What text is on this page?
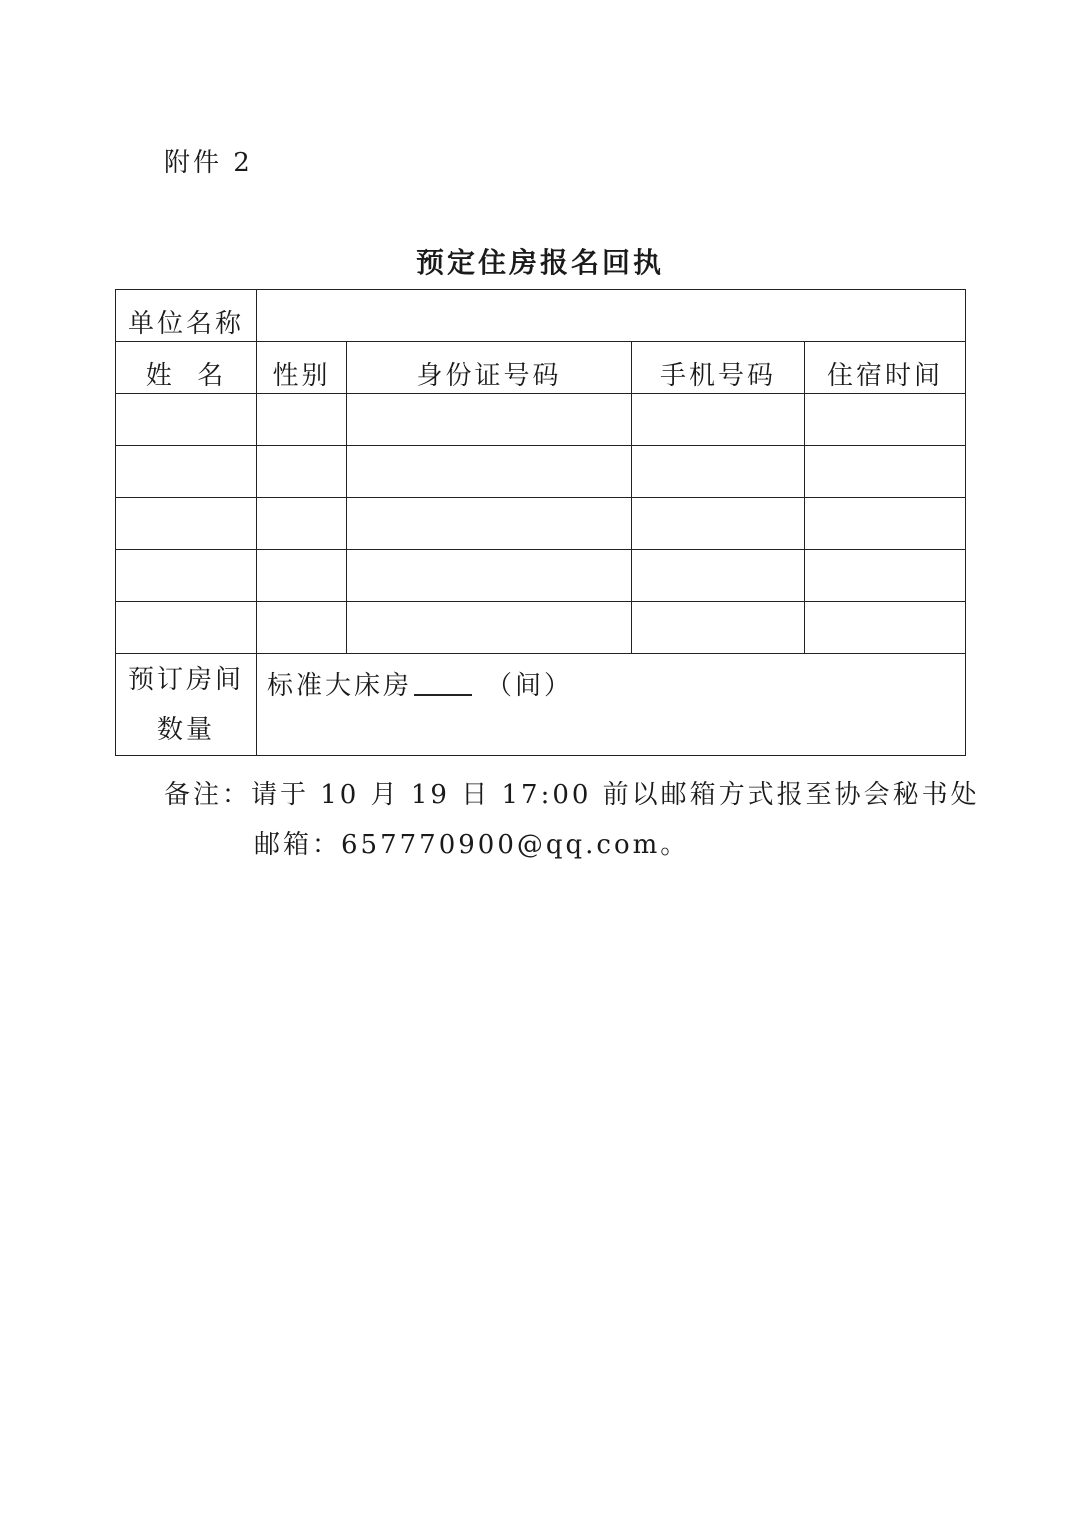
附件 2
预定住房报名回执
单位名称				
姓  名	性别	身份证号码	手机号码	住宿时间

预订房间
数量	标准大床房 （间）			
备注：请于 10 月 19 日 17:00 前以邮箱方式报至协会秘书处
邮箱：657770900@qq.com。
